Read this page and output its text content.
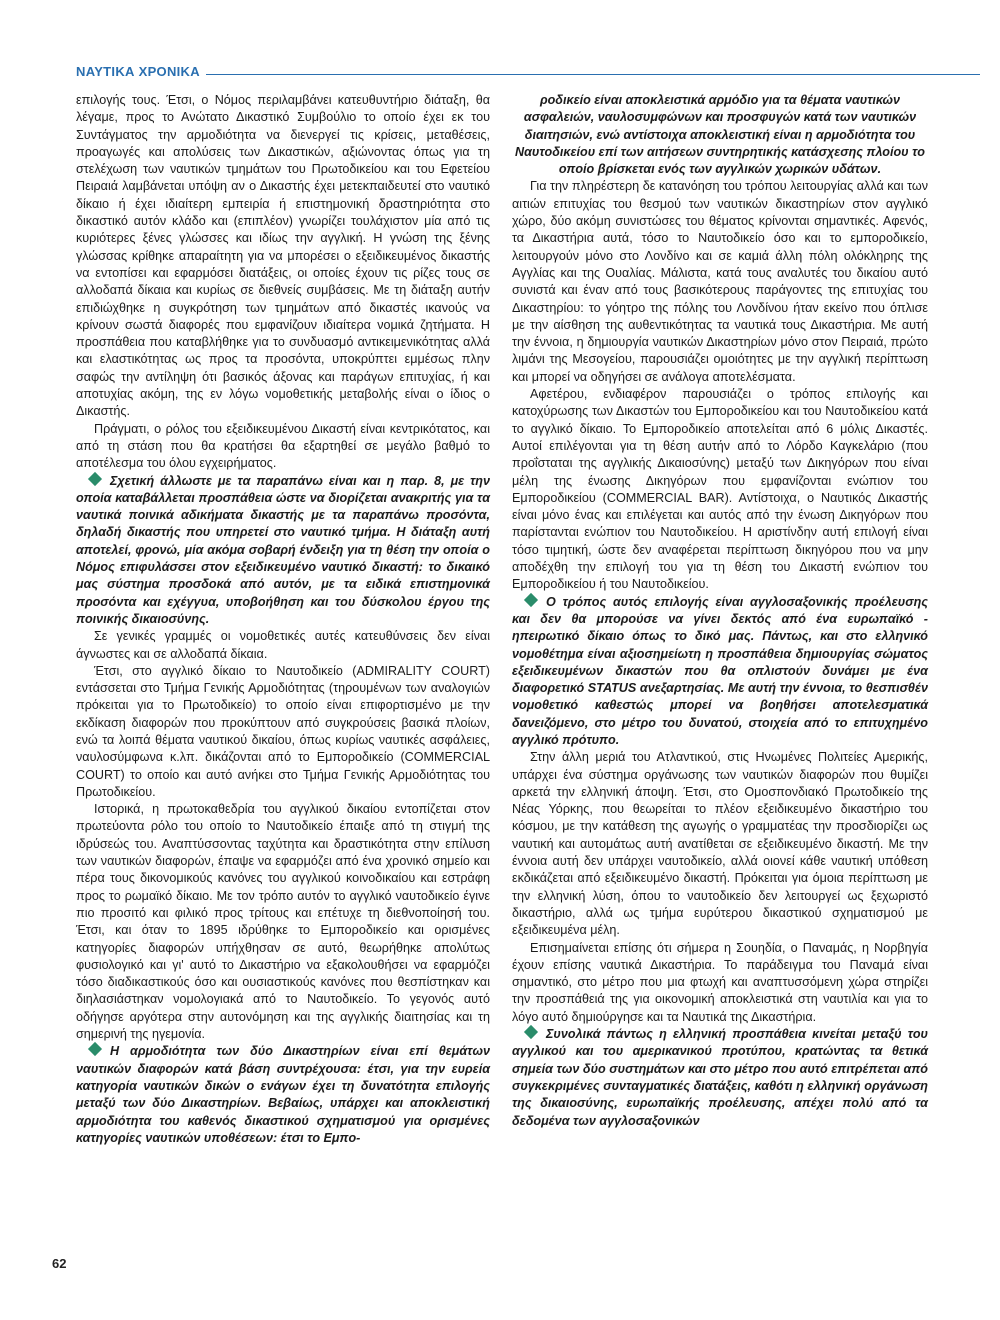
ΝΑΥΤΙΚΑ ΧΡΟΝΙΚΑ

επιλογής τους. Έτσι, ο Νόμος περιλαμβάνει κατευθυντήριο διάταξη, θα λέγαμε, προς το Ανώτατο Δικαστικό Συμβούλιο το οποίο έχει εκ του Συντάγματος την αρμοδιότητα να διενεργεί τις κρίσεις, μεταθέσεις, προαγωγές και απολύσεις των Δικαστικών, αξιώνοντας όπως για τη στελέχωση των ναυτικών τμημάτων του Πρωτοδικείου και του Εφετείου Πειραιά λαμβάνεται υπόψη αν ο Δικαστής έχει μετεκπαιδευτεί στο ναυτικό δίκαιο ή έχει ιδιαίτερη εμπειρία ή επιστημονική δραστηριότητα στο δικαστικό αυτόν κλάδο και (επιπλέον) γνωρίζει τουλάχιστον μία από τις κυριότερες ξένες γλώσσες και ιδίως την αγγλική. Η γνώση της ξένης γλώσσας κρίθηκε απαραίτητη για να μπορέσει ο εξειδικευμένος δικαστής να εντοπίσει και εφαρμόσει διατάξεις, οι οποίες έχουν τις ρίζες τους σε αλλοδαπά δίκαια και κυρίως σε διεθνείς συμβάσεις. Με τη διάταξη αυτήν επιδιώχθηκε η συγκρότηση των τμημάτων από δικαστές ικανούς να κρίνουν σωστά διαφορές που εμφανίζουν ιδιαίτερα νομικά ζητήματα. Η προσπάθεια που καταβλήθηκε για το συνδυασμό αντικειμενικότητας αλλά και ελαστικότητας ως προς τα προσόντα, υποκρύπτει εμμέσως πλην σαφώς την αντίληψη ότι βασικός άξονας και παράγων επιτυχίας, ή και αποτυχίας ακόμη, της εν λόγω νομοθετικής μεταβολής είναι ο ίδιος ο Δικαστής.

Πράγματι, ο ρόλος του εξειδικευμένου Δικαστή είναι κεντρικότατος, και από τη στάση που θα κρατήσει θα εξαρτηθεί σε μεγάλο βαθμό το αποτέλεσμα του όλου εγχειρήματος.

Σχετική άλλωστε με τα παραπάνω είναι και η παρ. 8, με την οποία καταβάλλεται προσπάθεια ώστε να διορίζεται ανακριτής για τα ναυτικά ποινικά αδικήματα δικαστής με τα παραπάνω προσόντα, δηλαδή δικαστής που υπηρετεί στο ναυτικό τμήμα. Η διάταξη αυτή αποτελεί, φρονώ, μία ακόμα σοβαρή ένδειξη για τη θέση την οποία ο Νόμος επιφυλάσσει στον εξειδικευμένο ναυτικό δικαστή: το δικαικό μας σύστημα προσδοκά από αυτόν, με τα ειδικά επιστημονικά προσόντα και εχέγγυα, υποβοήθηση και του δύσκολου έργου της ποινικής δικαιοσύνης.

Σε γενικές γραμμές οι νομοθετικές αυτές κατευθύνσεις δεν είναι άγνωστες και σε αλλοδαπά δίκαια.

Έτσι, στο αγγλικό δίκαιο το Ναυτοδικείο (ADMIRALITY COURT) εντάσσεται στο Τμήμα Γενικής Αρμοδιότητας (τηρουμένων των αναλογιών πρόκειται για το Πρωτοδικείο) το οποίο είναι επιφορτισμένο με την εκδίκαση διαφορών που προκύπτουν από συγκρούσεις βασικά πλοίων, ενώ τα λοιπά θέματα ναυτικού δικαίου, όπως κυρίως ναυτικές ασφάλειες, ναυλοσύμφωνα κ.λπ. δικάζονται από το Εμποροδικείο (COMMERCIAL COURT) το οποίο και αυτό ανήκει στο Τμήμα Γενικής Αρμοδιότητας του Πρωτοδικείου.

Ιστορικά, η πρωτοκαθεδρία του αγγλικού δικαίου εντοπίζεται στον πρωτεύοντα ρόλο του οποίο το Ναυτοδικείο έπαιξε από τη στιγμή της ιδρύσεώς του. Αναπτύσσοντας ταχύτητα και δραστικότητα στην επίλυση των ναυτικών διαφορών, έπαψε να εφαρμόζει από ένα χρονικό σημείο και πέρα τους δικονομικούς κανόνες του αγγλικού κοινοδικαίου και εστράφη προς το ρωμαϊκό δίκαιο. Με τον τρόπο αυτόν το αγγλικό ναυτοδικείο έγινε πιο προσιτό και φιλικό προς τρίτους και επέτυχε τη διεθνοποίησή του. Έτσι, και όταν το 1895 ιδρύθηκε το Εμποροδικείο και ορισμένες κατηγορίες διαφορών υπήχθησαν σε αυτό, θεωρήθηκε απολύτως φυσιολογικό και γι' αυτό το Δικαστήριο να εξακολουθήσει να εφαρμόζει τόσο διαδικαστικούς όσο και ουσιαστικούς κανόνες που θεσπίστηκαν και διηλασιάστηκαν νομολογιακά από το Ναυτοδικείο. Το γεγονός αυτό οδήγησε αργότερα στην αυτονόμηση και της αγγλικής διαιτησίας και τη σημερινή της ηγεμονία.

Η αρμοδιότητα των δύο Δικαστηρίων είναι επί θεμάτων ναυτικών διαφορών κατά βάση συντρέχουσα: έτσι, για την ευρεία κατηγορία ναυτικών δικών ο ενάγων έχει τη δυνατότητα επιλογής μεταξύ των δύο Δικαστηρίων. Βεβαίως, υπάρχει και αποκλειστική αρμοδιότητα του καθενός δικαστικού σχηματισμού για ορισμένες κατηγορίες ναυτικών υποθέσεων: έτσι το Εμπο-

ροδικείο είναι αποκλειστικά αρμόδιο για τα θέματα ναυτικών ασφαλειών, ναυλοσυμφώνων και προσφυγών κατά των ναυτικών διαιτησιών, ενώ αντίστοιχα αποκλειστική είναι η αρμοδιότητα του Ναυτοδικείου επί των αιτήσεων συντηρητικής κατάσχεσης πλοίου το οποίο βρίσκεται ενός των αγγλικών χωρικών υδάτων.

Για την πληρέστερη δε κατανόηση του τρόπου λειτουργίας αλλά και των αιτιών επιτυχίας του θεσμού των ναυτικών δικαστηρίων στον αγγλικό χώρο, δύο ακόμη συνιστώσες του θέματος κρίνονται σημαντικές. Αφενός, τα Δικαστήρια αυτά, τόσο το Ναυτοδικείο όσο και το εμποροδικείο, λειτουργούν μόνο στο Λονδίνο και σε καμιά άλλη πόλη ολόκληρης της Αγγλίας και της Ουαλίας. Μάλιστα, κατά τους αναλυτές του δικαίου αυτό συνιστά και έναν από τους βασικότερους παράγοντες της επιτυχίας του Δικαστηρίου: το γόητρο της πόλης του Λονδίνου ήταν εκείνο που όπλισε με την αίσθηση της αυθεντικότητας τα ναυτικά τους Δικαστήρια. Με αυτή την έννοια, η δημιουργία ναυτικών Δικαστηρίων μόνο στον Πειραιά, πρώτο λιμάνι της Μεσογείου, παρουσιάζει ομοιότητες με την αγγλική περίπτωση και μπορεί να οδηγήσει σε ανάλογα αποτελέσματα.

Αφετέρου, ενδιαφέρον παρουσιάζει ο τρόπος επιλογής και κατοχύρωσης των Δικαστών του Εμποροδικείου και του Ναυτοδικείου κατά το αγγλικό δίκαιο. Το Εμποροδικείο αποτελείται από 6 μόλις Δικαστές. Αυτοί επιλέγονται για τη θέση αυτήν από το Λόρδο Καγκελάριο (που προΐσταται της αγγλικής Δικαιοσύνης) μεταξύ των Δικηγόρων που είναι μέλη της ένωσης Δικηγόρων που εμφανίζονται ενώπιον του Εμποροδικείου (COMMERCIAL BAR). Αντίστοιχα, ο Ναυτικός Δικαστής είναι μόνο ένας και επιλέγεται και αυτός από την ένωση Δικηγόρων που παρίστανται ενώπιον του Ναυτοδικείου. Η αριστίνδην αυτή επιλογή είναι τόσο τιμητική, ώστε δεν αναφέρεται περίπτωση δικηγόρου που να μην αποδέχθη την επιλογή του για τη θέση του Δικαστή ενώπιον του Εμποροδικείου ή του Ναυτοδικείου.

Ο τρόπος αυτός επιλογής είναι αγγλοσαξονικής προέλευσης και δεν θα μπορούσε να γίνει δεκτός από ένα ευρωπαϊκό - ηπειρωτικό δίκαιο όπως το δικό μας. Πάντως, και στο ελληνικό νομοθέτημα είναι αξιοσημείωτη η προσπάθεια δημιουργίας σώματος εξειδικευμένων δικαστών που θα οπλιστούν δυνάμει με ένα διαφορετικό STATUS ανεξαρτησίας. Με αυτή την έννοια, το θεσπισθέν νομοθετικό καθεστώς μπορεί να βοηθήσει αποτελεσματικά δανειζόμενο, στο μέτρο του δυνατού, στοιχεία από το επιτυχημένο αγγλικό πρότυπο.

Στην άλλη μεριά του Ατλαντικού, στις Ηνωμένες Πολιτείες Αμερικής, υπάρχει ένα σύστημα οργάνωσης των ναυτικών διαφορών που θυμίζει αρκετά την ελληνική άποψη. Έτσι, στο Ομοσπονδιακό Πρωτοδικείο της Νέας Υόρκης, που θεωρείται το πλέον εξειδικευμένο δικαστήριο του κόσμου, με την κατάθεση της αγωγής ο γραμματέας την προσδιορίζει ως ναυτική και αυτομάτως αυτή ανατίθεται σε εξειδικευμένο δικαστή. Με την έννοια αυτή δεν υπάρχει ναυτοδικείο, αλλά οιονεί κάθε ναυτική υπόθεση εκδικάζεται από εξειδικευμένο δικαστή. Πρόκειται για όμοια περίπτωση με την ελληνική λύση, όπου το ναυτοδικείο δεν λειτουργεί ως ξεχωριστό δικαστήριο, αλλά ως τμήμα ευρύτερου δικαστικού σχηματισμού με εξειδικευμένα μέλη.

Επισημαίνεται επίσης ότι σήμερα η Σουηδία, ο Παναμάς, η Νορβηγία έχουν επίσης ναυτικά Δικαστήρια. Το παράδειγμα του Παναμά είναι σημαντικό, στο μέτρο που μια φτωχή και αναπτυσσόμενη χώρα στηρίζει την προσπάθειά της για οικονομική αποκλειστικά στη ναυτιλία και για το λόγο αυτό δημιούργησε και τα Ναυτικά της Δικαστήρια.

Συνολικά πάντως η ελληνική προσπάθεια κινείται μεταξύ του αγγλικού και του αμερικανικού προτύπου, κρατώντας τα θετικά σημεία των δύο συστημάτων και στο μέτρο που αυτό επιτρέπεται από συγκεκριμένες συνταγματικές διατάξεις, καθότι η ελληνική οργάνωση της δικαιοσύνης, ευρωπαϊκής προέλευσης, απέχει πολύ από τα δεδομένα των αγγλοσαξονικών

62
